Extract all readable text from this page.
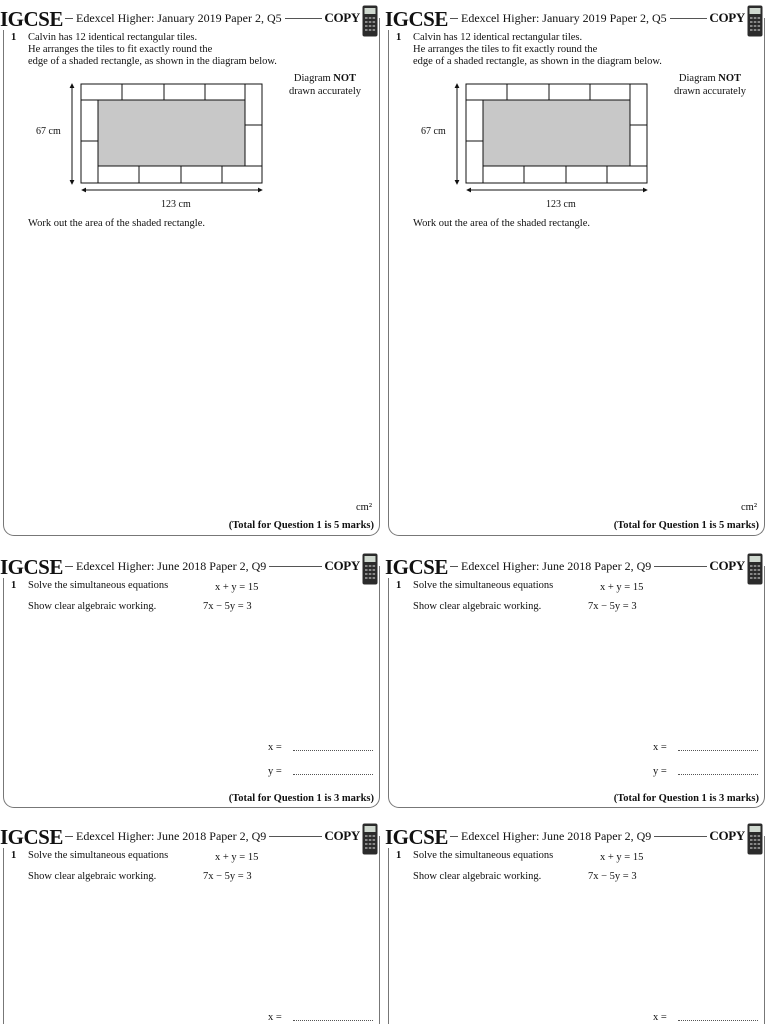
IGCSE Edexcel Higher: January 2019 Paper 2, Q5	COPY
1 Calvin has 12 identical rectangular tiles.
He arranges the tiles to fit exactly round the
edge of a shaded rectangle, as shown in the diagram below.
Diagram NOT
drawn accurately
67 cm
123 cm
Work out the area of the shaded rectangle.
cm²
(Total for Question 1 is 5 marks)
IGCSE Edexcel Higher: January 2019 Paper 2, Q5	COPY
1 Calvin has 12 identical rectangular tiles.
He arranges the tiles to fit exactly round the
edge of a shaded rectangle, as shown in the diagram below.
Diagram NOT
drawn accurately
67 cm
123 cm
Work out the area of the shaded rectangle.
cm²
(Total for Question 1 is 5 marks)
IGCSE Edexcel Higher: June 2018 Paper 2, Q9	COPY
1 Solve the simultaneous equations
Show clear algebraic working.
x + y = 15
7x − 5y = 3
x =
y =
(Total for Question 1 is 3 marks)
IGCSE Edexcel Higher: June 2018 Paper 2, Q9	COPY
1 Solve the simultaneous equations
Show clear algebraic working.
x + y = 15
7x − 5y = 3
x =
y =
(Total for Question 1 is 3 marks)
IGCSE Edexcel Higher: June 2018 Paper 2, Q9	COPY
1 Solve the simultaneous equations
Show clear algebraic working.
x + y = 15
7x − 5y = 3
x =
IGCSE Edexcel Higher: June 2018 Paper 2, Q9	COPY
1 Solve the simultaneous equations
Show clear algebraic working.
x + y = 15
7x − 5y = 3
x =
